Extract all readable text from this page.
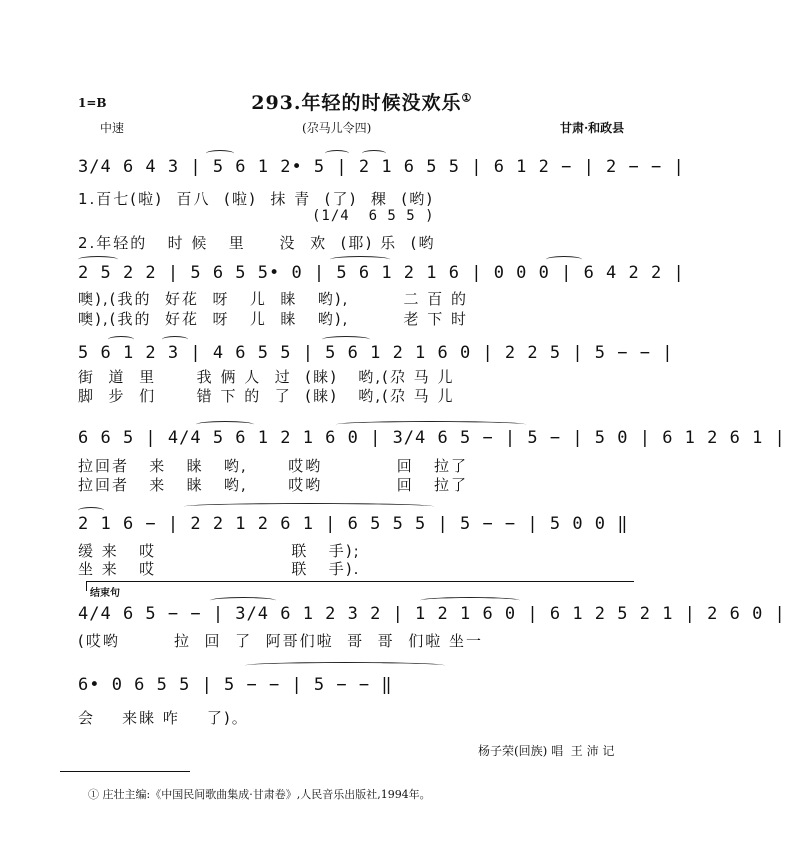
293.年轻的时候没欢乐①

1=B
中速	(尕马儿令四)	甘肃·和政县
3/4 6 4 3 | 5 6 1 2• 5 | 2 1 6 5 5 | 6 1 2 − | 2 − − |
1.百七(啦)  百八  (啦)  抹 青  (了)  稞  (哟)
(1/4  6 5 5 )
2.年轻的   时 候   里     没  欢  (耶) 乐  (哟
2 5 2 2 | 5 6 5 5• 0 | 5 6 1 2 1 6 | 0 0 0 | 6 4 2 2 |
噢),(我的  好花  呀   儿  睐   哟),        二 百 的
噢),(我的  好花  呀   儿  睐   哟),        老 下 时
5 6 1 2 3 | 4 6 5 5 | 5 6 1 2 1 6 0 | 2 2 5 | 5 − − |
街  道  里      我 俩 人  过  (睐)   哟,(尕 马 儿
脚  步  们      错 下 的  了  (睐)   哟,(尕 马 儿
6 6 5 | 4/4 5 6 1 2 1 6 0 | 3/4 6 5 − | 5 − | 5 0 | 6 1 2 6 1 |
拉回者   来   睐   哟,      哎哟           回   拉了
拉回者   来   睐   哟,      哎哟           回   拉了
2 1 6 − | 2 2 1 2 6 1 | 6 5 5 5 | 5 − − | 5 0 0 ‖
缓 来   哎                    联   手);
坐 来   哎                    联   手).
结束句
4/4 6 5 − − | 3/4 6 1 2 3 2 | 1 2 1 6 0 | 6 1 2 5 2 1 | 2 6 0 |
(哎哟        拉  回  了  阿哥们啦  哥  哥  们啦 坐一
6• 0 6 5 5 | 5 − − | 5 − − ‖
会    来睐 咋    了)。
杨子荣(回族) 唱  王 沛 记
① 庄壮主编:《中国民间歌曲集成·甘肃卷》,人民音乐出版社,1994年。
